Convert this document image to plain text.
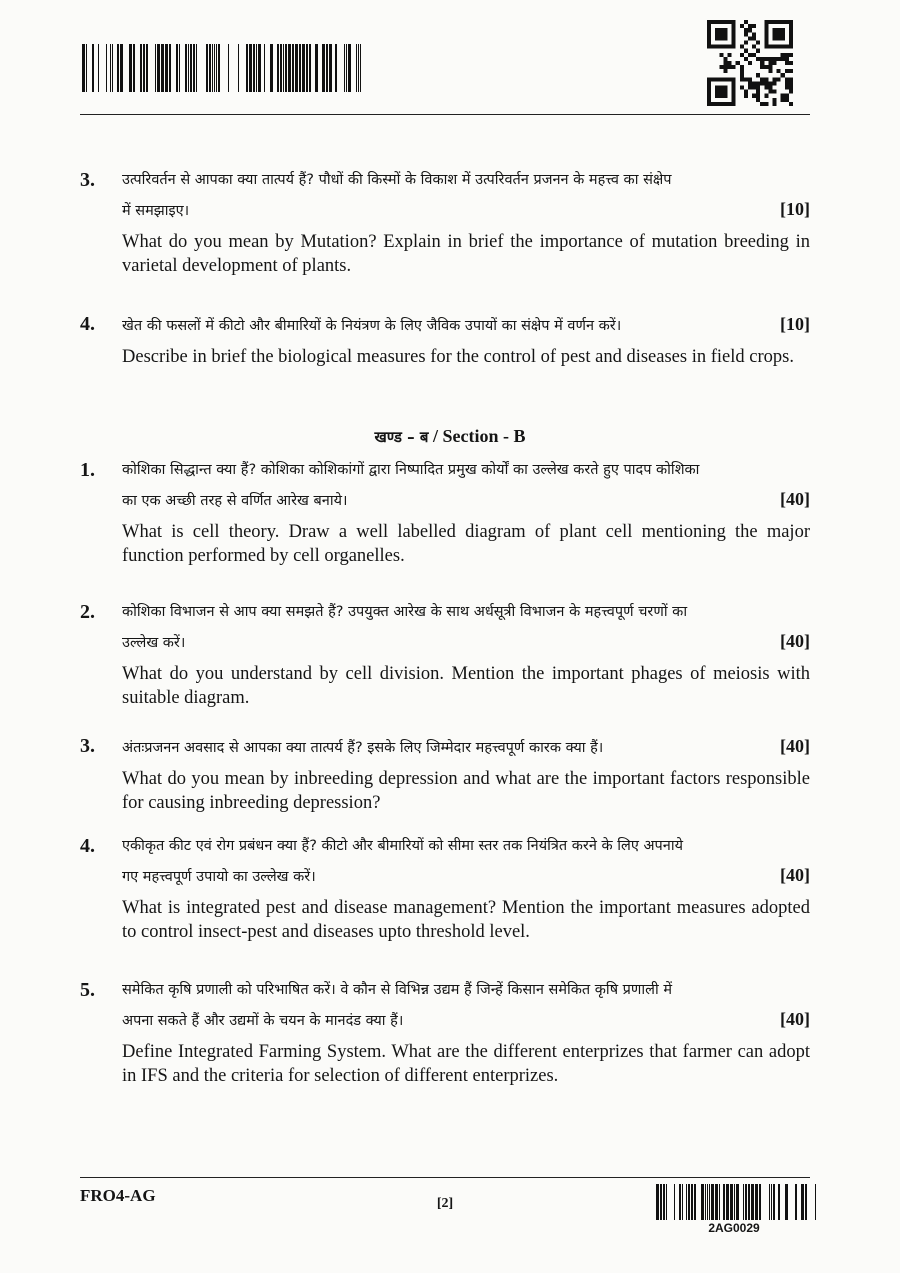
3. उत्परिवर्तन से आपका क्या तात्पर्य हैं? पौधों की किस्मों के विकाश में उत्परिवर्तन प्रजनन के महत्त्व का संक्षेप
में समझाइए।	[10]
What do you mean by Mutation? Explain in brief the importance of mutation breeding in varietal development of plants.
4. खेत की फसलों में कीटो और बीमारियों के नियंत्रण के लिए जैविक उपायों का संक्षेप में वर्णन करें।	[10]
Describe in brief the biological measures for the control of pest and diseases in field crops.
खण्ड – ब / Section - B
1. कोशिका सिद्धान्त क्या हैं? कोशिका कोशिकांगों द्वारा निष्पादित प्रमुख कोर्यों का उल्लेख करते हुए पादप कोशिका
का एक अच्छी तरह से वर्णित आरेख बनाये।	[40]
What is cell theory. Draw a well labelled diagram of plant cell mentioning the major function performed by cell organelles.
2. कोशिका विभाजन से आप क्या समझते हैं? उपयुक्त आरेख के साथ अर्धसूत्री विभाजन के महत्त्वपूर्ण चरणों का
उल्लेख करें।	[40]
What do you understand by cell division. Mention the important phages of meiosis with suitable diagram.
3. अंतःप्रजनन अवसाद से आपका क्या तात्पर्य हैं? इसके लिए जिम्मेदार महत्त्वपूर्ण कारक क्या हैं।	[40]
What do you mean by inbreeding depression and what are the important factors responsible for causing inbreeding depression?
4. एकीकृत कीट एवं रोग प्रबंधन क्या हैं? कीटो और बीमारियों को सीमा स्तर तक नियंत्रित करने के लिए अपनाये
गए महत्त्वपूर्ण उपायो का उल्लेख करें।	[40]
What is integrated pest and disease management? Mention the important measures adopted to control insect-pest and diseases upto threshold level.
5. समेकित कृषि प्रणाली को परिभाषित करें। वे कौन से विभिन्न उद्यम हैं जिन्हें किसान समेकित कृषि प्रणाली में
अपना सकते हैं और उद्यमों के चयन के मानदंड क्या हैं।	[40]
Define Integrated Farming System. What are the different enterprizes that farmer can adopt in IFS and the criteria for selection of different enterprizes.
FRO4-AG	[2]
2AG0029
